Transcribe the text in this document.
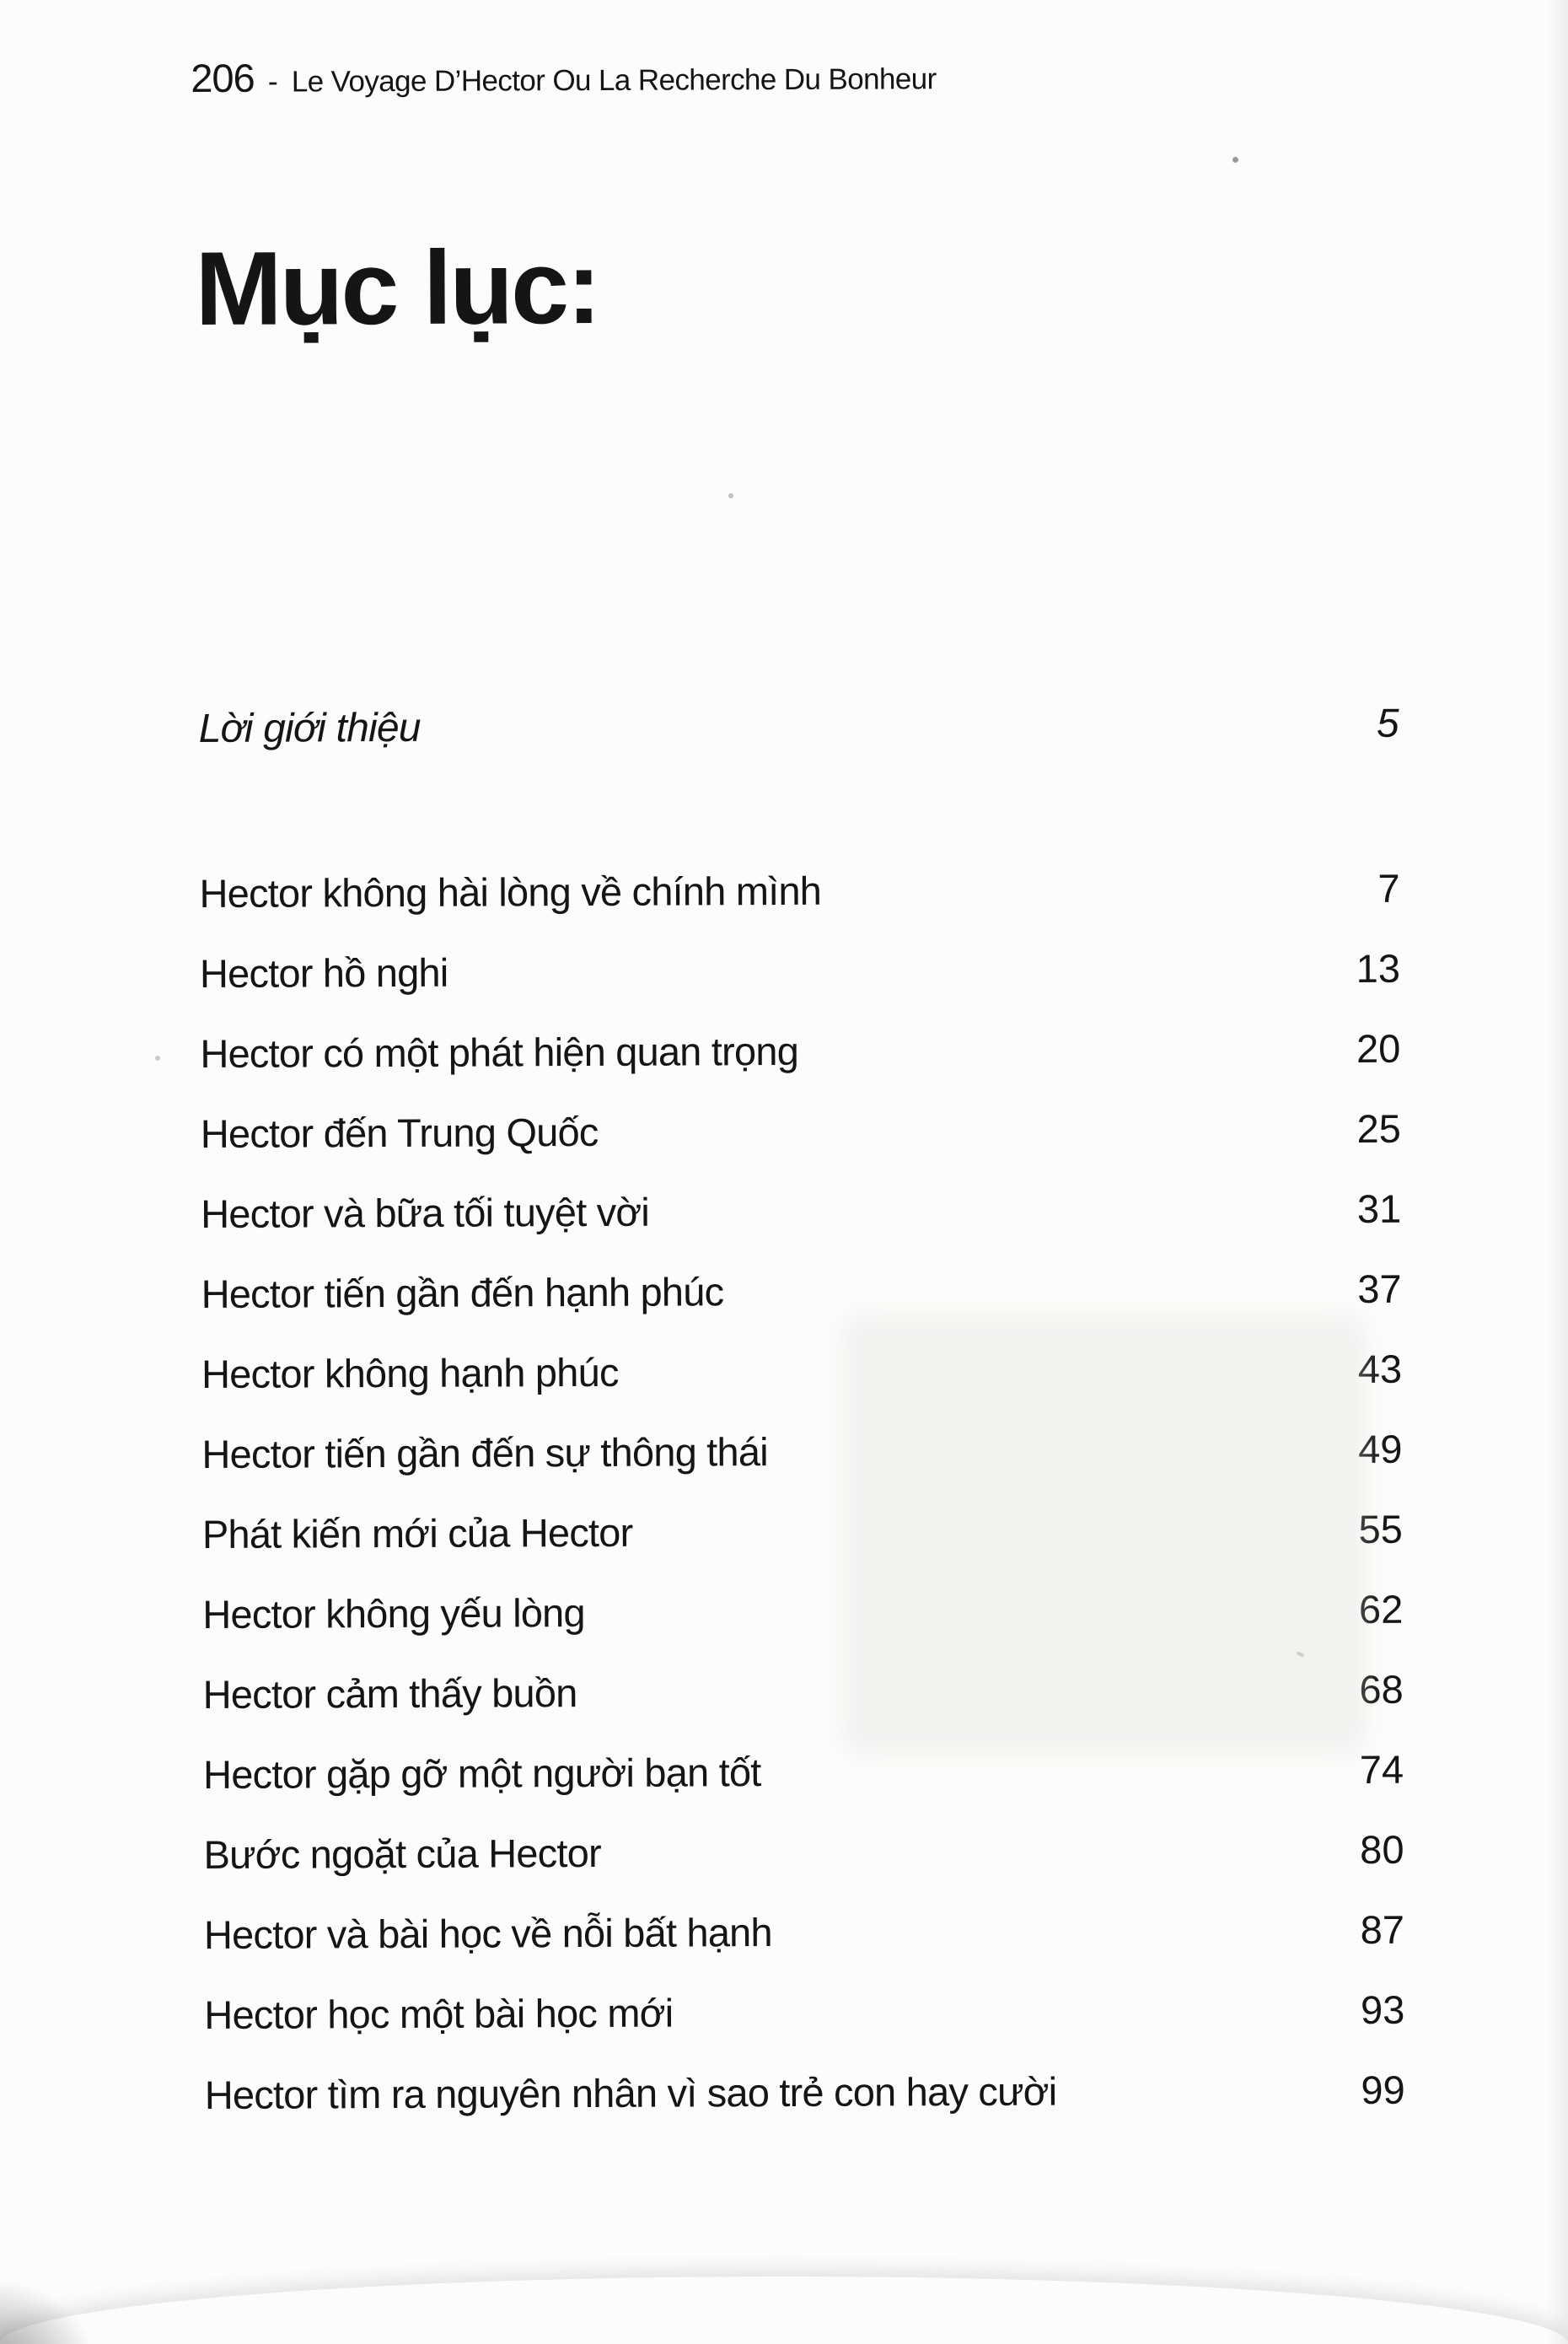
206 - Le Voyage D’Hector Ou La Recherche Du Bonheur
Mục lục:
Lời giới thiệu	5
Hector không hài lòng về chính mình	7
Hector hồ nghi	13
Hector có một phát hiện quan trọng	20
Hector đến Trung Quốc	25
Hector và bữa tối tuyệt vời	31
Hector tiến gần đến hạnh phúc	37
Hector không hạnh phúc	43
Hector tiến gần đến sự thông thái	49
Phát kiến mới của Hector	55
Hector không yếu lòng	62
Hector cảm thấy buồn	68
Hector gặp gỡ một người bạn tốt	74
Bước ngoặt của Hector	80
Hector và bài học về nỗi bất hạnh	87
Hector học một bài học mới	93
Hector tìm ra nguyên nhân vì sao trẻ con hay cười	99
